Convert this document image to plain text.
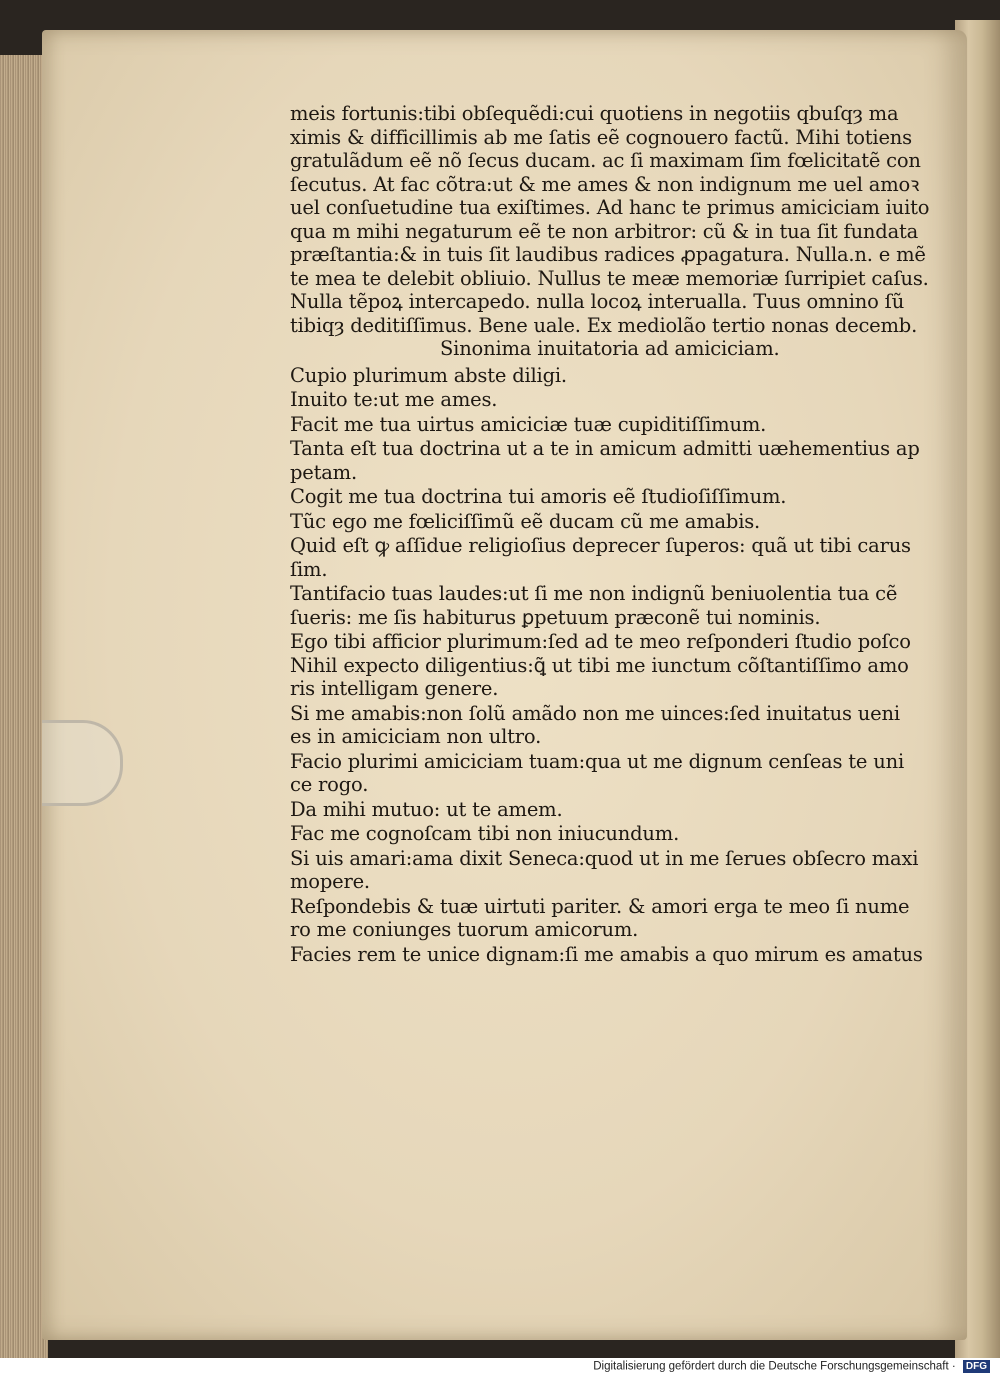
meis fortunis:tibi obſequẽdi:cui quotiens in negotiis qbuſqȝ ma
ximis & difficillimis ab me ſatis eẽ cognouero factũ. Mihi totiens
gratulãdum eẽ nõ ſecus ducam. ac ſi maximam ſim fœlicitatẽ con
ſecutus. At fac cõtra:ut & me ames & non indignum me uel amoꝛ
uel conſuetudine tua exiſtimes. Ad hanc te primus amiciciam iuito
qua m mihi negaturum eẽ te non arbitror: cũ & in tua ſit fundata
præſtantia:& in tuis ſit laudibus radices ꝓpagatura. Nulla.n. e mẽ
te mea te delebit obliuio. Nullus te meæ memoriæ ſurripiet caſus.
Nulla tẽpoꝝ intercapedo. nulla locoꝝ interualla. Tuus omnino ſũ
tibiqȝ deditiſſimus. Bene uale. Ex mediolão tertio nonas decemb.
Sinonima inuitatoria ad amiciciam.
Cupio plurimum abste diligi.
Inuito te:ut me ames.
Facit me tua uirtus amiciciæ tuæ cupiditiſſimum.
Tanta eſt tua doctrina ut a te in amicum admitti uæhementius ap
petam.
Cogit me tua doctrina tui amoris eẽ ſtudioſiſſimum.
Tũc ego me fœliciſſimũ eẽ ducam cũ me amabis.
Quid eſt ꝙ aſſidue religioſius deprecer ſuperos: quã ut tibi carus
ſim.
Tantifacio tuas laudes:ut ſi me non indignũ beniuolentia tua cẽ
ſueris: me ſis habiturus ꝑpetuum præconẽ tui nominis.
Ego tibi afficior plurimum:ſed ad te meo reſponderi ſtudio poſco
Nihil expecto diligentius:ꝗ̃ ut tibi me iunctum cõſtantiſſimo amo
ris intelligam genere.
Si me amabis:non ſolũ amãdo non me uinces:ſed inuitatus ueni
es in amiciciam non ultro.
Facio plurimi amiciciam tuam:qua ut me dignum cenſeas te uni
ce rogo.
Da mihi mutuo: ut te amem.
Fac me cognoſcam tibi non iniucundum.
Si uis amari:ama dixit Seneca:quod ut in me ſerues obſecro maxi
mopere.
Reſpondebis & tuæ uirtuti pariter. & amori erga te meo ſi nume
ro me coniunges tuorum amicorum.
Facies rem te unice dignam:ſi me amabis a quo mirum es amatus
Digitalisierung gefördert durch die Deutsche Forschungsgemeinschaft · DFG
